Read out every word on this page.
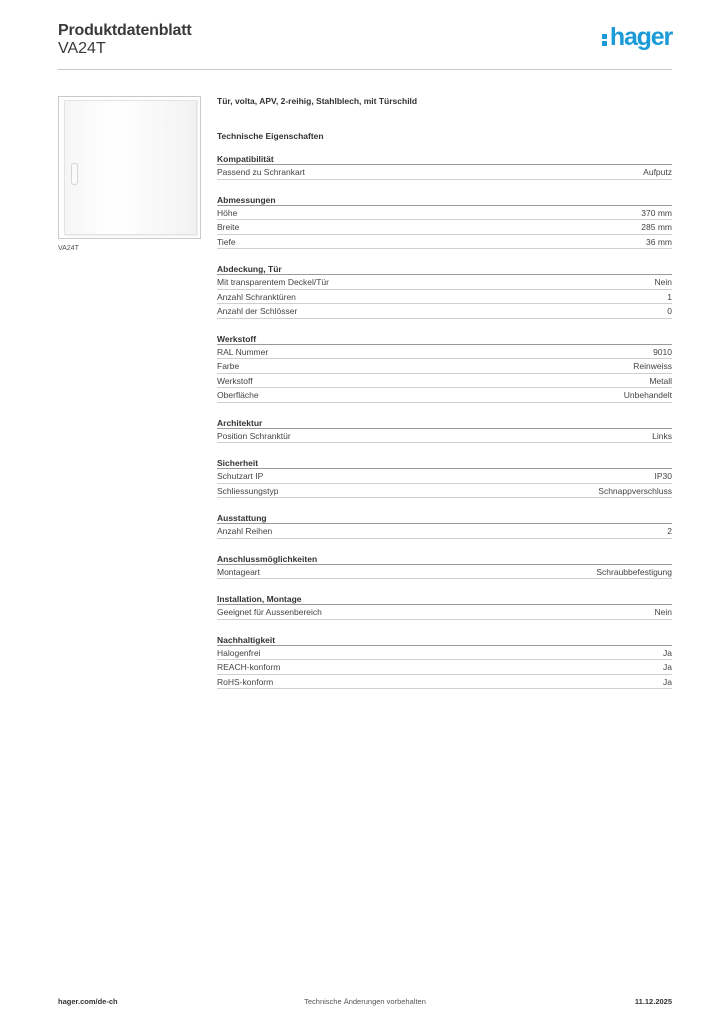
Produktdatenblatt
VA24T	hager
VA24T
Tür, volta, APV, 2-reihig, Stahlblech, mit Türschild
Technische Eigenschaften
Kompatibilität
Passend zu Schrankart	Aufputz
Abmessungen
Höhe	370 mm
Breite	285 mm
Tiefe	36 mm
Abdeckung, Tür
Mit transparentem Deckel/Tür	Nein
Anzahl Schranktüren	1
Anzahl der Schlösser	0
Werkstoff
RAL Nummer	9010
Farbe	Reinweiss
Werkstoff	Metall
Oberfläche	Unbehandelt
Architektur
Position Schranktür	Links
Sicherheit
Schutzart IP	IP30
Schliessungstyp	Schnappverschluss
Ausstattung
Anzahl Reihen	2
Anschlussmöglichkeiten
Montageart	Schraubbefestigung
Installation, Montage
Geeignet für Aussenbereich	Nein
Nachhaltigkeit
Halogenfrei	Ja
REACH-konform	Ja
RoHS-konform	Ja
hager.com/de-ch	Technische Änderungen vorbehalten	11.12.2025
